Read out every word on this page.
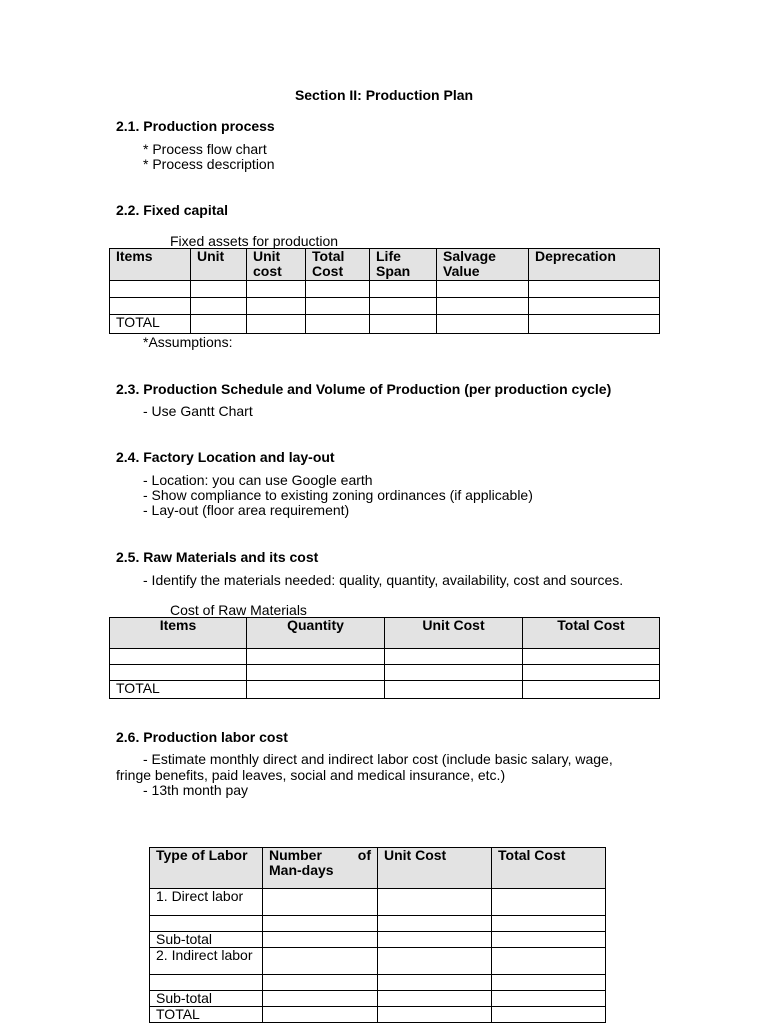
Section II: Production Plan
2.1. Production process
* Process flow chart
* Process description
2.2. Fixed capital
Fixed assets for production
Items	Unit	Unit cost	Total Cost	Life Span	Salvage Value	Deprecation

TOTAL						
*Assumptions:
2.3. Production Schedule and Volume of Production (per production cycle)
- Use Gantt Chart
2.4. Factory Location and lay-out
- Location: you can use Google earth
- Show compliance to existing zoning ordinances (if applicable)
- Lay-out (floor area requirement)
2.5. Raw Materials and its cost
- Identify the materials needed: quality, quantity, availability, cost and sources.
Cost of Raw Materials
Items	Quantity	Unit Cost	Total Cost

TOTAL			
2.6. Production labor cost
- Estimate monthly direct and indirect labor cost (include basic salary, wage,
fringe benefits, paid leaves, social and medical insurance, etc.)
- 13th month pay
Type of Labor	Number of
Man-days	Unit Cost	Total Cost
1. Direct labor			

Sub-total			
2. Indirect labor			

Sub-total			
TOTAL			
